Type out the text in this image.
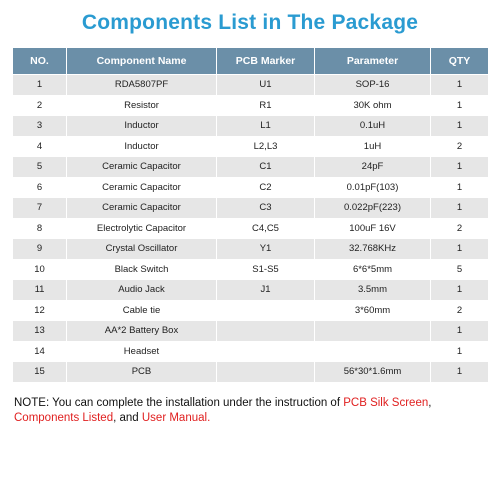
Components List in The Package
NO.	Component Name	PCB Marker	Parameter	QTY
1	RDA5807PF	U1	SOP-16	1
2	Resistor	R1	30K ohm	1
3	Inductor	L1	0.1uH	1
4	Inductor	L2,L3	1uH	2
5	Ceramic Capacitor	C1	24pF	1
6	Ceramic Capacitor	C2	0.01pF(103)	1
7	Ceramic Capacitor	C3	0.022pF(223)	1
8	Electrolytic Capacitor	C4,C5	100uF 16V	2
9	Crystal Oscillator	Y1	32.768KHz	1
10	Black Switch	S1-S5	6*6*5mm	5
11	Audio Jack	J1	3.5mm	1
12	Cable tie		3*60mm	2
13	AA*2 Battery Box			1
14	Headset			1
15	PCB		56*30*1.6mm	1
NOTE: You can complete the installation under the instruction of PCB Silk Screen, Components Listed, and User Manual.
